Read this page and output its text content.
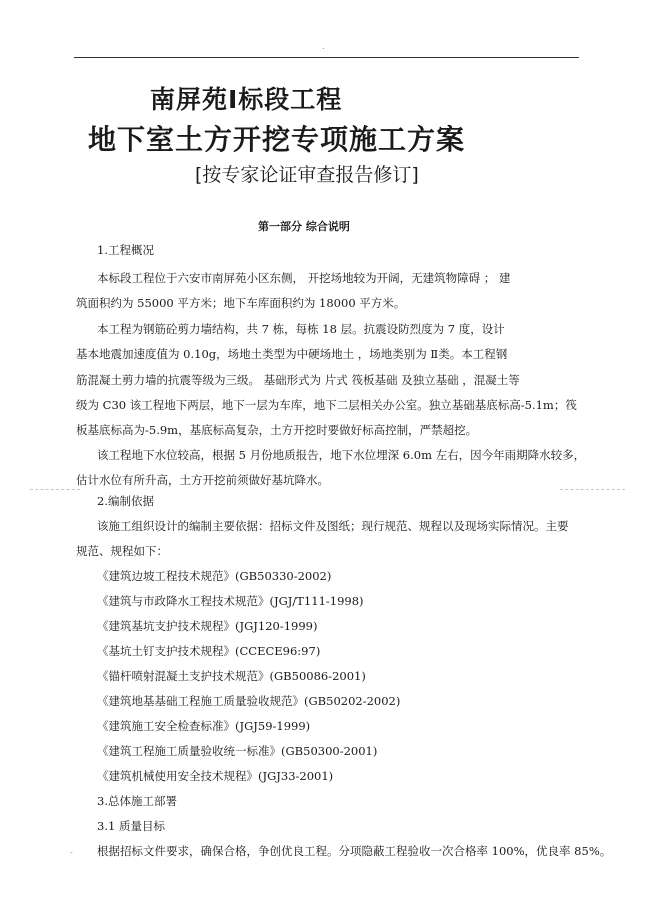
.
南屏苑Ⅰ标段工程
地下室土方开挖专项施工方案
[按专家论证审查报告修订]
第一部分 综合说明
1.工程概况
本标段工程位于六安市南屏苑小区东侧， 开挖场地较为开阔，无建筑物障碍 ； 建
筑面积约为 55000 平方米；地下车库面积约为 18000 平方米。
本工程为钢筋砼剪力墙结构，共 7 栋，每栋 18 层。抗震设防烈度为 7 度，设计
基本地震加速度值为 0.10g，场地土类型为中硬场地土 ，场地类别为 Ⅱ类。本工程钢
筋混凝土剪力墙的抗震等级为三级。 基础形式为 片式 筏板基础 及独立基础 ，混凝土等
级为 C30 该工程地下两层，地下一层为车库，地下二层相关办公室。独立基础基底标高-5.1m；筏
板基底标高为-5.9m，基底标高复杂，土方开挖时要做好标高控制，严禁超挖。
该工程地下水位较高，根据 5 月份地质报告，地下水位埋深 6.0m 左右，因今年雨期降水较多，
估计水位有所升高，土方开挖前须做好基坑降水。
2.编制依据
该施工组织设计的编制主要依据：招标文件及图纸；现行规范、规程以及现场实际情况。主要
规范、规程如下：
《建筑边坡工程技术规范》(GB50330-2002)
《建筑与市政降水工程技术规范》(JGJ/T111-1998)
《建筑基坑支护技术规程》(JGJ120-1999)
《基坑土钉支护技术规程》(CCECE96:97)
《锚杆喷射混凝土支护技术规范》(GB50086-2001)
《建筑地基基础工程施工质量验收规范》(GB50202-2002)
《建筑施工安全检查标准》(JGJ59-1999)
《建筑工程施工质量验收统一标准》(GB50300-2001)
《建筑机械使用安全技术规程》(JGJ33-2001)
3.总体施工部署
3.1 质量目标
根据招标文件要求，确保合格，争创优良工程。分项隐蔽工程验收一次合格率 100%，优良率 85%。
-
